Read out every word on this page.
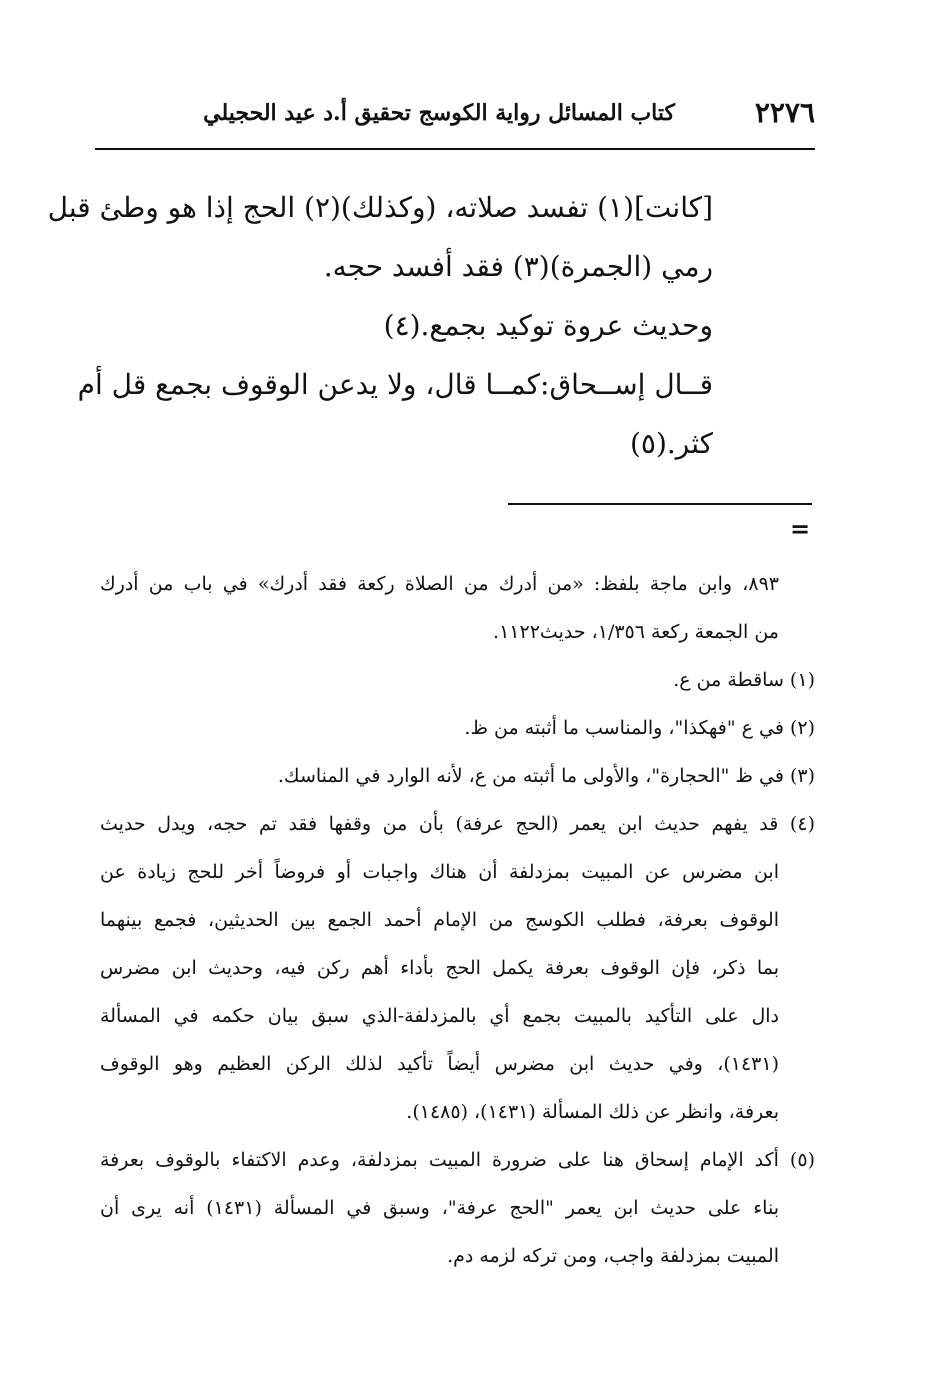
٢٢٧٦
كتاب المسائل رواية الكوسج تحقيق أ.د عيد الحجيلي
[كانت](١) تفسد صلاته، (وكذلك)(٢) الحج إذا هو وطئ قبل
رمي (الجمرة)(٣) فقد أفسد حجه.
وحديث عروة توكيد بجمع.(٤)
قــال إســحاق:كمــا قال، ولا يدعن الوقوف بجمع قل أم
كثر.(٥)
=
٨٩٣، وابن ماجة بلفظ: «من أدرك من الصلاة ركعة فقد أدرك» في باب من أدرك
من الجمعة ركعة ١/٣٥٦، حديث١١٢٢.
(١) ساقطة من ع.
(٢) في ع "فهكذا"، والمناسب ما أثبته من ظ.
(٣) في ظ "الحجارة"، والأولى ما أثبته من ع، لأنه الوارد في المناسك.
(٤) قد يفهم حديث ابن يعمر (الحج عرفة) بأن من وقفها فقد تم حجه، ويدل حديث
ابن مضرس عن المبيت بمزدلفة أن هناك واجبات أو فروضاً أخر للحج زيادة عن
الوقوف بعرفة، فطلب الكوسج من الإمام أحمد الجمع بين الحديثين، فجمع بينهما
بما ذكر، فإن الوقوف بعرفة يكمل الحج بأداء أهم ركن فيه، وحديث ابن مضرس
دال على التأكيد بالمبيت بجمع أي بالمزدلفة-الذي سبق بيان حكمه في المسألة
(١٤٣١)، وفي حديث ابن مضرس أيضاً تأكيد لذلك الركن العظيم وهو الوقوف
بعرفة، وانظر عن ذلك المسألة (١٤٣١)، (١٤٨٥).
(٥) أكد الإمام إسحاق هنا على ضرورة المبيت بمزدلفة، وعدم الاكتفاء بالوقوف بعرفة
بناء على حديث ابن يعمر "الحج عرفة"، وسبق في المسألة (١٤٣١) أنه يرى أن
المبيت بمزدلفة واجب، ومن تركه لزمه دم.
